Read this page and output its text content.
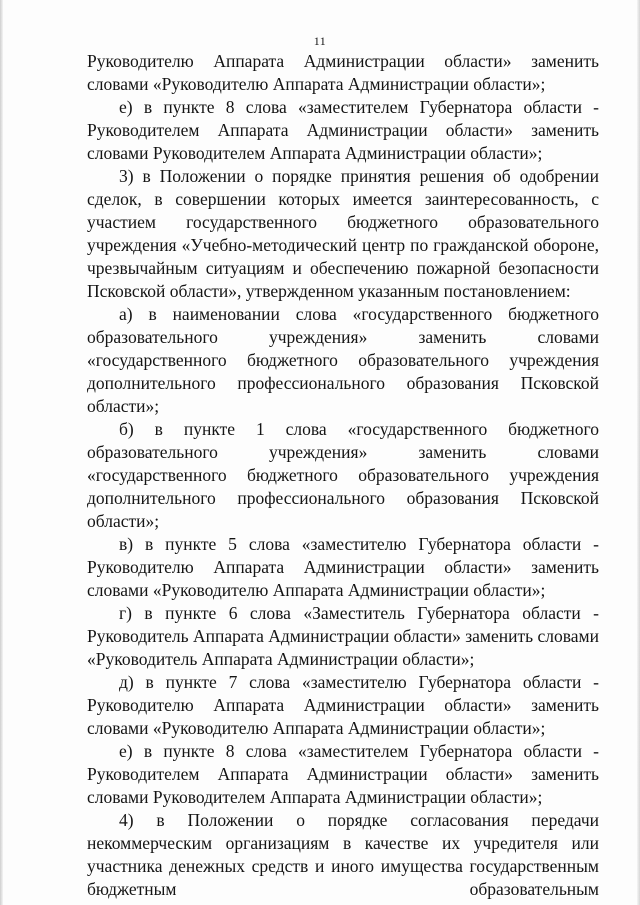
11

Руководителю Аппарата Администрации области» заменить словами «Руководителю Аппарата Администрации области»;

е) в пункте 8 слова «заместителем Губернатора области - Руководителем Аппарата Администрации области» заменить словами Руководителем Аппарата Администрации области»;

3) в Положении о порядке принятия решения об одобрении сделок, в совершении которых имеется заинтересованность, с участием государственного бюджетного образовательного учреждения «Учебно-методический центр по гражданской обороне, чрезвычайным ситуациям и обеспечению пожарной безопасности Псковской области», утвержденном указанным постановлением:

а) в наименовании слова «государственного бюджетного образовательного учреждения» заменить словами «государственного бюджетного образовательного учреждения дополнительного профессионального образования Псковской области»;

б) в пункте 1 слова «государственного бюджетного образовательного учреждения» заменить словами «государственного бюджетного образовательного учреждения дополнительного профессионального образования Псковской области»;

в) в пункте 5 слова «заместителю Губернатора области - Руководителю Аппарата Администрации области» заменить словами «Руководителю Аппарата Администрации области»;

г) в пункте 6 слова «Заместитель Губернатора области - Руководитель Аппарата Администрации области» заменить словами «Руководитель Аппарата Администрации области»;

д) в пункте 7 слова «заместителю Губернатора области - Руководителю Аппарата Администрации области» заменить словами «Руководителю Аппарата Администрации области»;

е) в пункте 8 слова «заместителем Губернатора области - Руководителем Аппарата Администрации области» заменить словами Руководителем Аппарата Администрации области»;

4) в Положении о порядке согласования передачи некоммерческим организациям в качестве их учредителя или участника денежных средств и иного имущества государственным бюджетным образовательным
